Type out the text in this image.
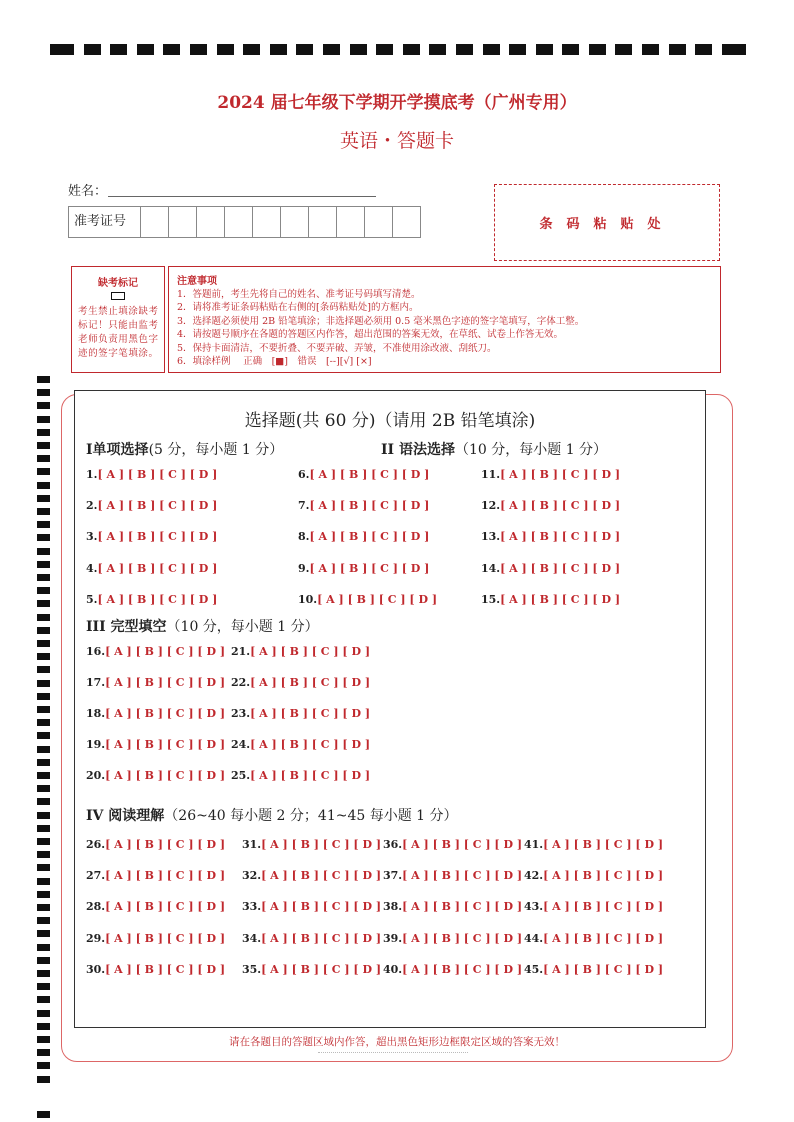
2024 届七年级下学期开学摸底考（广州专用）
英语・答题卡
姓名：
准考证号	条码粘贴处
缺考标记
考生禁止填涂缺考标记！只能由监考老师负责用黑色字迹的签字笔填涂。
注意事项
1．答题前，考生先将自己的姓名、准考证号码填写清楚。
2．请将准考证条码粘贴在右侧的[条码粘贴处]的方框内。
3．选择题必须使用 2B 铅笔填涂；非选择题必须用 0.5 毫米黑色字迹的签字笔填写，字体工整。
4．请按题号顺序在各题的答题区内作答，超出范围的答案无效，在草纸、试卷上作答无效。
5．保持卡面清洁，不要折叠、不要弄破、弄皱，不准使用涂改液、刮纸刀。
6．填涂样例　 正确　[■]　错误　[--][√] [×]
选择题(共 60 分)（请用 2B 铅笔填涂)
I单项选择(5 分，每小题 1 分）	II 语法选择（10 分，每小题 1 分）
III 完型填空（10 分，每小题 1 分）
IV 阅读理解（26~40 每小题 2 分；41~45 每小题 1 分）
1.[ A ] [ B ] [ C ] [ D ]
2.[ A ] [ B ] [ C ] [ D ]
3.[ A ] [ B ] [ C ] [ D ]
4.[ A ] [ B ] [ C ] [ D ]
5.[ A ] [ B ] [ C ] [ D ]
6.[ A ] [ B ] [ C ] [ D ]
7.[ A ] [ B ] [ C ] [ D ]
8.[ A ] [ B ] [ C ] [ D ]
9.[ A ] [ B ] [ C ] [ D ]
10.[ A ] [ B ] [ C ] [ D ]
11.[ A ] [ B ] [ C ] [ D ]
12.[ A ] [ B ] [ C ] [ D ]
13.[ A ] [ B ] [ C ] [ D ]
14.[ A ] [ B ] [ C ] [ D ]
15.[ A ] [ B ] [ C ] [ D ]
16.[ A ] [ B ] [ C ] [ D ]
17.[ A ] [ B ] [ C ] [ D ]
18.[ A ] [ B ] [ C ] [ D ]
19.[ A ] [ B ] [ C ] [ D ]
20.[ A ] [ B ] [ C ] [ D ]
21.[ A ] [ B ] [ C ] [ D ]
22.[ A ] [ B ] [ C ] [ D ]
23.[ A ] [ B ] [ C ] [ D ]
24.[ A ] [ B ] [ C ] [ D ]
25.[ A ] [ B ] [ C ] [ D ]
26.[ A ] [ B ] [ C ] [ D ]
27.[ A ] [ B ] [ C ] [ D ]
28.[ A ] [ B ] [ C ] [ D ]
29.[ A ] [ B ] [ C ] [ D ]
30.[ A ] [ B ] [ C ] [ D ]
31.[ A ] [ B ] [ C ] [ D ]
32.[ A ] [ B ] [ C ] [ D ]
33.[ A ] [ B ] [ C ] [ D ]
34.[ A ] [ B ] [ C ] [ D ]
35.[ A ] [ B ] [ C ] [ D ]
36.[ A ] [ B ] [ C ] [ D ]
37.[ A ] [ B ] [ C ] [ D ]
38.[ A ] [ B ] [ C ] [ D ]
39.[ A ] [ B ] [ C ] [ D ]
40.[ A ] [ B ] [ C ] [ D ]
41.[ A ] [ B ] [ C ] [ D ]
42.[ A ] [ B ] [ C ] [ D ]
43.[ A ] [ B ] [ C ] [ D ]
44.[ A ] [ B ] [ C ] [ D ]
45.[ A ] [ B ] [ C ] [ D ]
请在各题目的答题区域内作答，超出黑色矩形边框限定区域的答案无效！
